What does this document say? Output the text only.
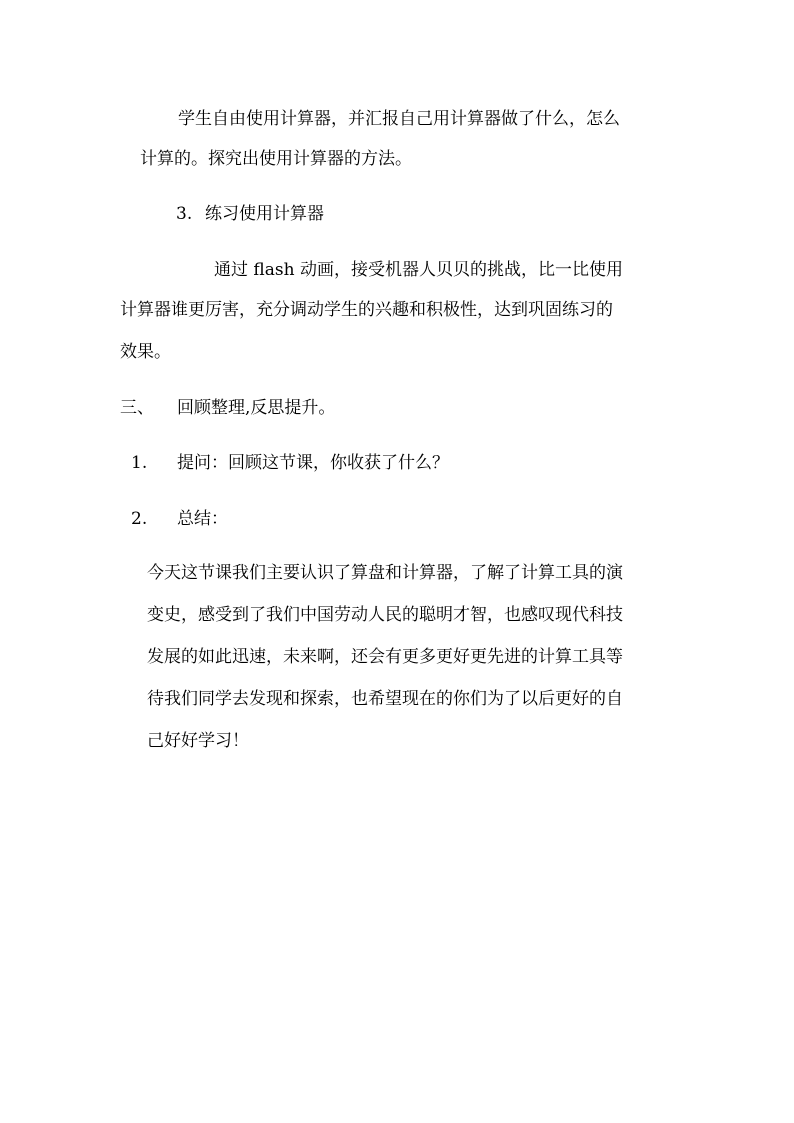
学生自由使用计算器，并汇报自己用计算器做了什么，怎么
计算的。探究出使用计算器的方法。
3. 练习使用计算器
通过 flash 动画，接受机器人贝贝的挑战，比一比使用
计算器谁更厉害，充分调动学生的兴趣和积极性，达到巩固练习的
效果。
三、 回顾整理,反思提升。
1. 提问：回顾这节课，你收获了什么？
2. 总结：
今天这节课我们主要认识了算盘和计算器，了解了计算工具的演
变史，感受到了我们中国劳动人民的聪明才智，也感叹现代科技
发展的如此迅速，未来啊，还会有更多更好更先进的计算工具等
待我们同学去发现和探索，也希望现在的你们为了以后更好的自
己好好学习！
